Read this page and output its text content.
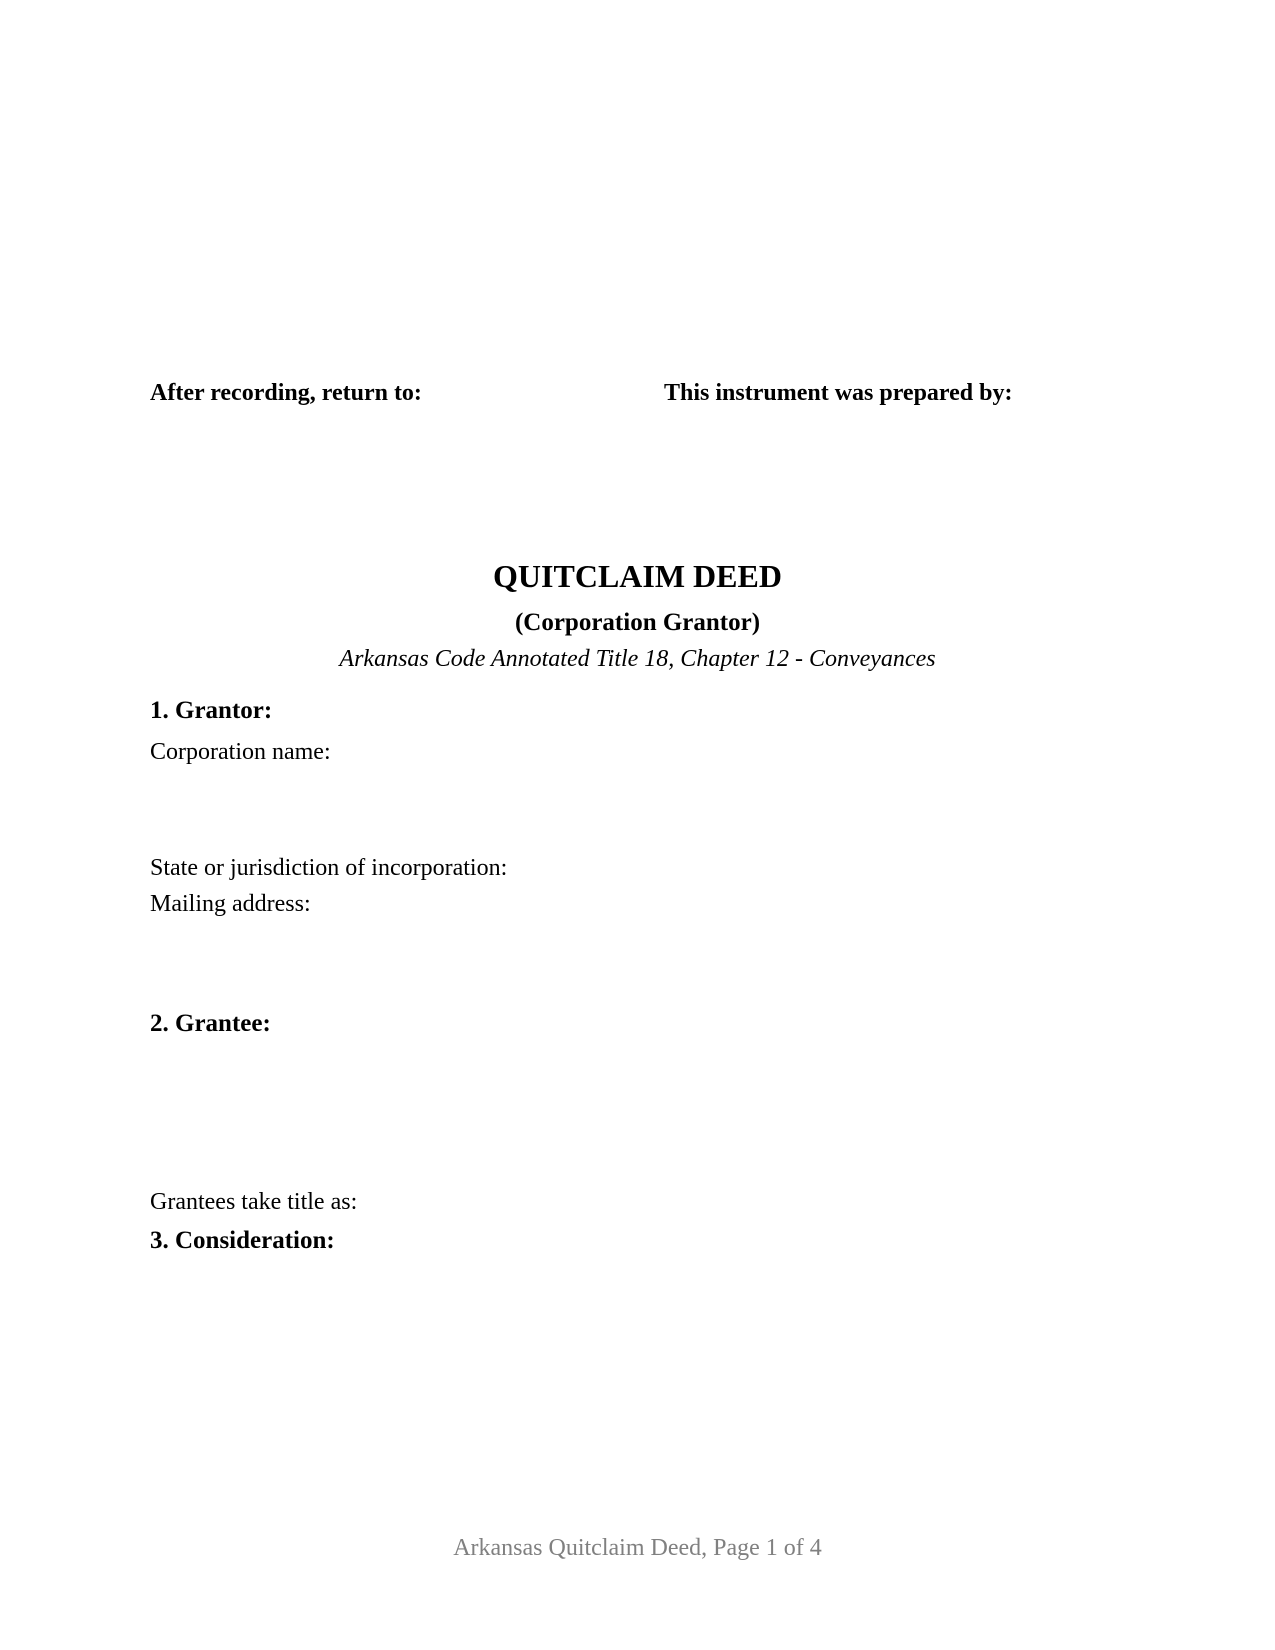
After recording, return to:	This instrument was prepared by:
QUITCLAIM DEED
(Corporation Grantor)
Arkansas Code Annotated Title 18, Chapter 12 - Conveyances
1. Grantor:
Corporation name:
State or jurisdiction of incorporation:
Mailing address:
2. Grantee:
Grantees take title as:
3. Consideration:
Arkansas Quitclaim Deed, Page 1 of 4
